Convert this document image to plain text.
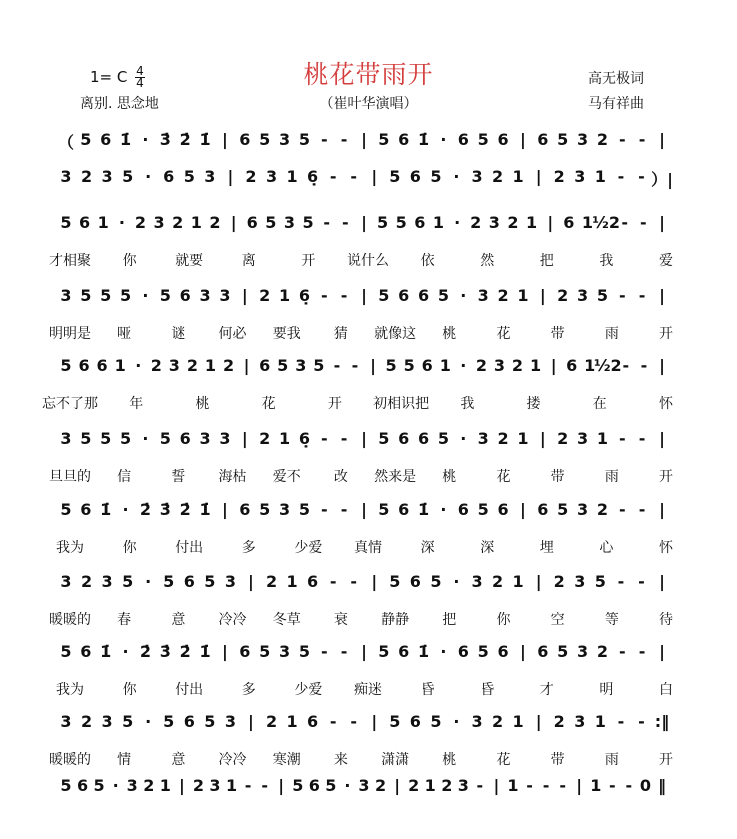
桃花带雨开
1= C $\frac{4}{4}$
离别. 思念地	（崔叶华演唱）
高无极词
马有祥曲
（ 5 6 1̇ · 3̇ 2̇ 1̇ | 6 5 3 5 - - | 5 6 1̇ · 6 5 6 | 6 5 3 2 - - |
3 2 3 5 · 6 5 3 | 2 3 1 6̣ - - | 5 6 5 · 3 2 1 | 2 3 1 - - ）|
5 6 1 · 2 3 2 1 2 | 6 5 3 5 - - | 5 5 6 1 · 2 3 2 1 | 6 1 ½2 - - |
才相聚 你	就要	离	开 说什么 依	然	把	我	爱
3 5 5 5 · 5 6 3 3 | 2 1 6̣ - - | 5 6 6 5 · 3 2 1 | 2 3 5 - - |
明明是 哑	谜 何必 要我 猜 就像这 桃	花	带	雨	开
5 6 6 1 · 2 3 2 1 2 | 6 5 3 5 - - | 5 5 6 1 · 2 3 2 1 | 6 1
½2 - - |
忘不了那 年	桃	花	开 初相识把 我	搂	在	怀
3 5 5 5 · 5 6 3 3 | 2 1 6̣ - - | 5 6 6 5 · 3 2 1 | 2 3 1 - - |
旦旦的 信	誓 海枯 爱不 改 然来是 桃	花	带	雨	开
5 6 1̇ · 2̇ 3̇ 2̇ 1̇ | 6 5 3 5 - - | 5 6 1̇ · 6 5 6 | 6 5 3 2 - - |
我为	你	付出	多	少爱 真情	深	深	埋	心	怀
3 2 3 5 · 5 6 5 3 | 2 1 6 - - | 5 6 5 · 3 2 1 | 2 3 5 - - |
暖暖的 春	意 冷冷 冬草 衰 静静 把	你	空	等	待
5 6 1̇ · 2̇ 3̇ 2̇ 1̇ | 6 5 3 5 - - | 5 6 1̇ · 6 5 6 | 6 5 3 2 - - |
我为	你	付出	多	少爱 痴迷	昏	昏	才	明	白
3 2 3 5 · 5 6 5 3 | 2 1 6 - - | 5 6 5 · 3 2 1 | 2 3 1 - - :‖
暖暖的 情	意 冷冷 寒潮 来 潇潇 桃	花	带	雨	开
5 6 5 · 3 2 1 | 2 3 1 - - | 5 6 5 · 3 2 | 2 1 2 3 - | 1 - - - | 1 - - 0 ‖
